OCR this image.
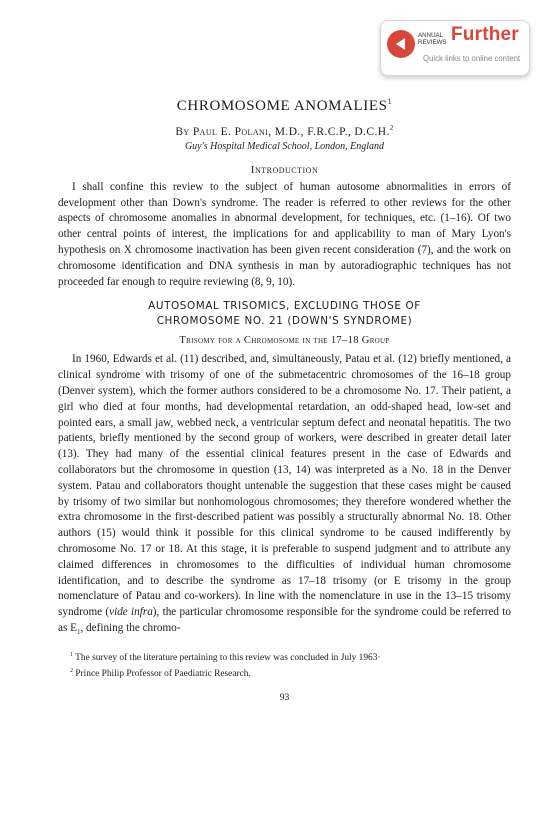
ANNUAL
REVIEWS Further
Quick links to online content
CHROMOSOME ANOMALIES$^1$
By Paul E. Polani, M.D., F.R.C.P., D.C.H.$^2$
Guy's Hospital Medical School, London, England
Introduction

I shall confine this review to the subject of human autosome abnormalities in errors of development other than Down's syndrome. The reader is referred to other reviews for the other aspects of chromosome anomalies in abnormal development, for techniques, etc. (1–16). Of two other central points of interest, the implications for and applicability to man of Mary Lyon's hypothesis on X chromosome inactivation has been given recent consideration (7), and the work on chromosome identification and DNA synthesis in man by autoradiographic techniques has not proceeded far enough to require reviewing (8, 9, 10).

AUTOSOMAL TRISOMICS, EXCLUDING THOSE OF
CHROMOSOME NO. 21 (DOWN'S SYNDROME)
Trisomy for a Chromosome in the 17–18 Group

In 1960, Edwards et al. (11) described, and, simultaneously, Patau et al. (12) briefly mentioned, a clinical syndrome with trisomy of one of the submetacentric chromosomes of the 16–18 group (Denver system), which the former authors considered to be a chromosome No. 17. Their patient, a girl who died at four months, had developmental retardation, an odd-shaped head, low-set and pointed ears, a small jaw, webbed neck, a ventricular septum defect and neonatal hepatitis. The two patients, briefly mentioned by the second group of workers, were described in greater detail later (13). They had many of the essential clinical features present in the case of Edwards and collaborators but the chromosome in question (13, 14) was interpreted as a No. 18 in the Denver system. Patau and collaborators thought untenable the suggestion that these cases might be caused by trisomy of two similar but nonhomologous chromosomes; they therefore wondered whether the extra chromosome in the first-described patient was possibly a structurally abnormal No. 18. Other authors (15) would think it possible for this clinical syndrome to be caused indifferently by chromosome No. 17 or 18. At this stage, it is preferable to suspend judgment and to attribute any claimed differences in chromosomes to the difficulties of individual human chromosome identification, and to describe the syndrome as 17–18 trisomy (or E trisomy in the group nomenclature of Patau and co-workers). In line with the nomenclature in use in the 13–15 trisomy syndrome (vide infra), the particular chromosome responsible for the syndrome could be referred to as $E_1$, defining the chromo-

$^1$ The survey of the literature pertaining to this review was concluded in July 1963·
$^2$ Prince Philip Professor of Paediatric Research.
93
